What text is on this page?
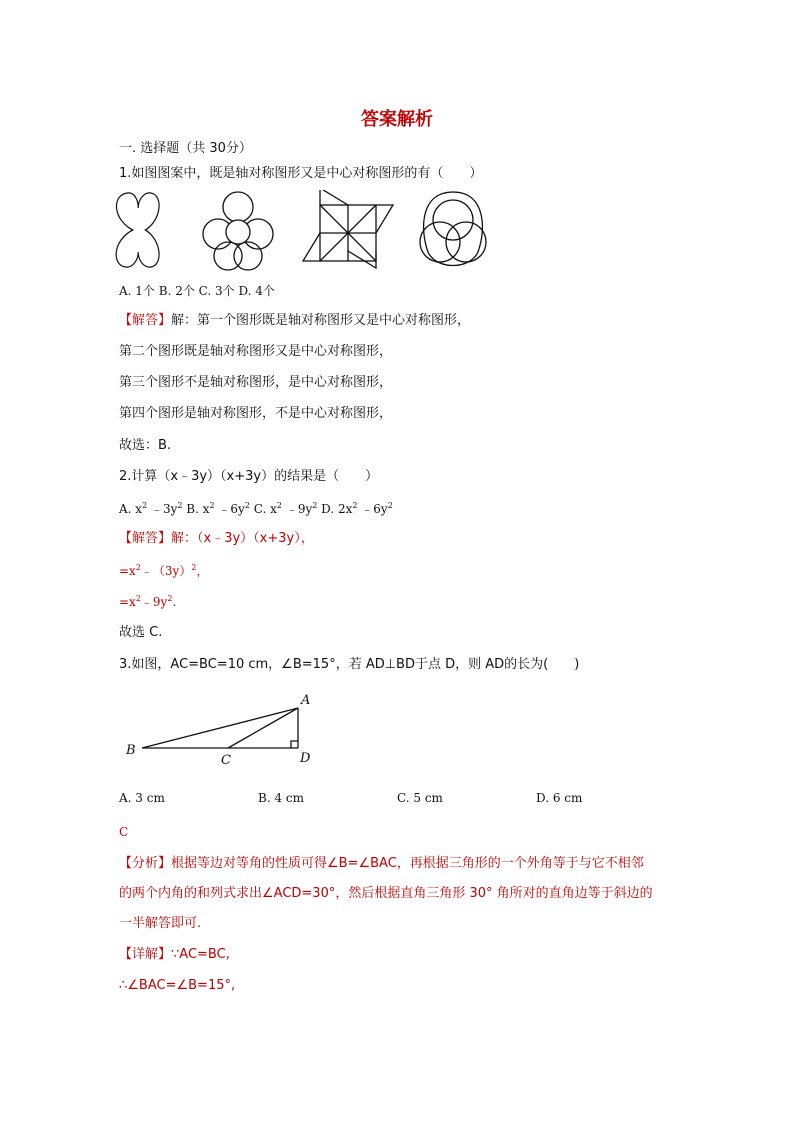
答案解析
一. 选择题（共 30分）
1.如图图案中，既是轴对称图形又是中心对称图形的有（　　）
A. 1个 B. 2个 C. 3个 D. 4个
【解答】解：第一个图形既是轴对称图形又是中心对称图形，
第二个图形既是轴对称图形又是中心对称图形，
第三个图形不是轴对称图形，是中心对称图形，
第四个图形是轴对称图形，不是中心对称图形，
故选：B.
2.计算（x﹣3y）（x+3y）的结果是（　　）
A. $x^2$ $﹣3y^2$ B. $x^2$ $﹣6y^2$ C. $x^2$ $﹣9y^2$ D. $2x^2$ $﹣6y^2$
【解答】解：（x﹣3y）（x+3y），
$=x^2﹣(3y)^2$，
$=x^2﹣9y^2$.
故选 C.
3.如图，AC=BC=10 cm，∠B=15°，若 AD⊥BD于点 D，则 AD的长为(　　)
A
B
C	D
A. 3 cm	B. 4 cm	C. 5 cm	D. 6 cm
C
【分析】根据等边对等角的性质可得∠B=∠BAC，再根据三角形的一个外角等于与它不相邻
的两个内角的和列式求出∠ACD=30°，然后根据直角三角形 30° 角所对的直角边等于斜边的
一半解答即可.
【详解】∵AC=BC,
∴∠BAC=∠B=15°,
